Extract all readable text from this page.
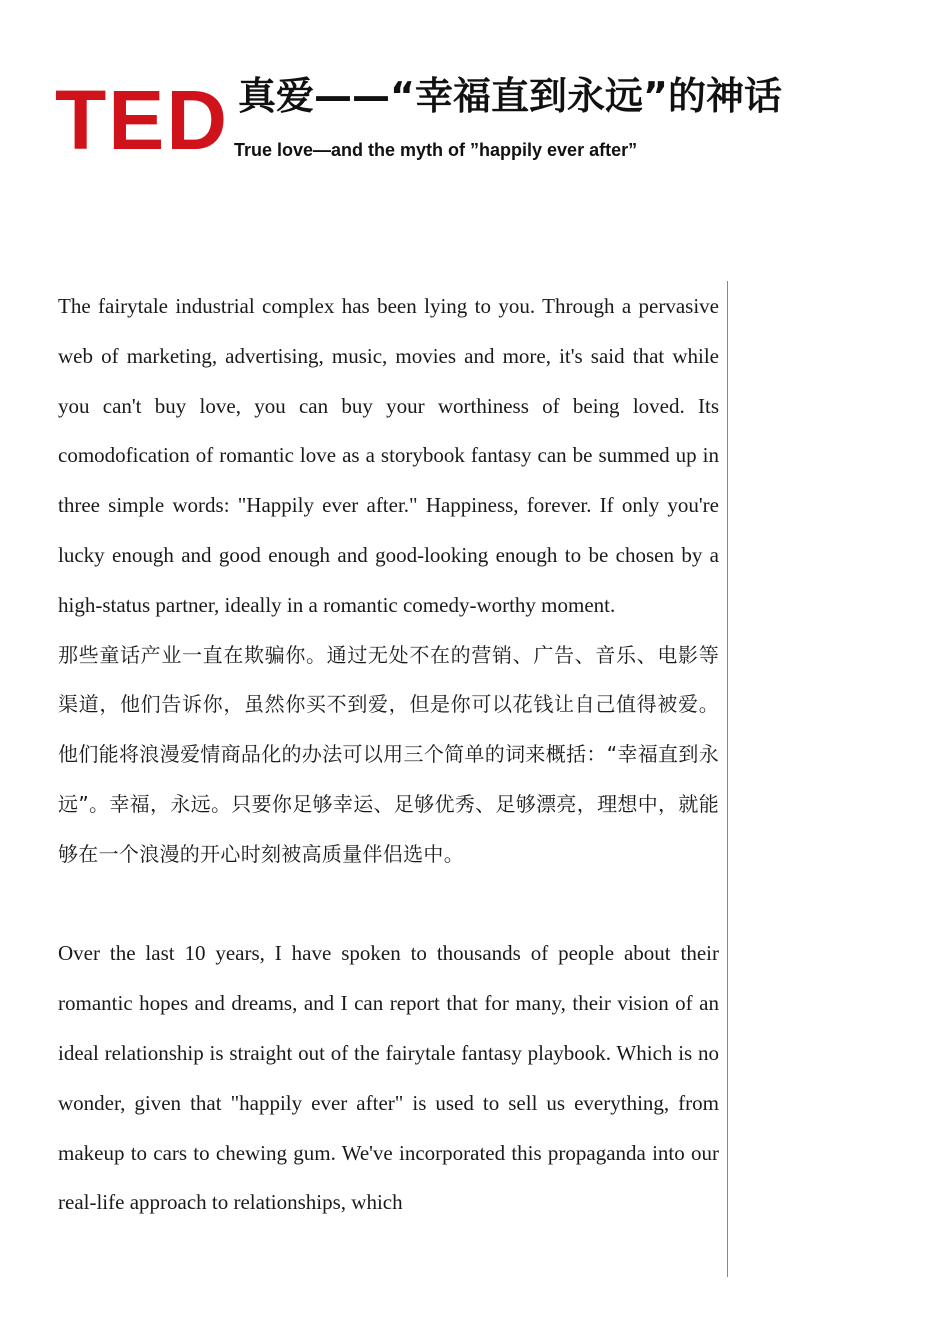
TED 真爱——“幸福直到永远”的神话
True love—and the myth of ”happily ever after”

The fairytale industrial complex has been lying to you. Through a pervasive web of marketing, advertising, music, movies and more, it's said that while you can't buy love, you can buy your worthiness of being loved. Its comodofication of romantic love as a storybook fantasy can be summed up in three simple words: "Happily ever after." Happiness, forever. If only you're lucky enough and good enough and good-looking enough to be chosen by a high-status partner, ideally in a romantic comedy-worthy moment.

那些童话产业一直在欺骗你。通过无处不在的营销、广告、音乐、电影等渠道，他们告诉你，虽然你买不到爱，但是你可以花钱让自己值得被爱。他们能将浪漫爱情商品化的办法可以用三个简单的词来概括：“幸福直到永远”。幸福，永远。只要你足够幸运、足够优秀、足够漂亮，理想中，就能够在一个浪漫的开心时刻被高质量伴侣选中。

Over the last 10 years, I have spoken to thousands of people about their romantic hopes and dreams, and I can report that for many, their vision of an ideal relationship is straight out of the fairytale fantasy playbook. Which is no wonder, given that "happily ever after" is used to sell us everything, from makeup to cars to chewing gum. We've incorporated this propaganda into our real-life approach to relationships, which
